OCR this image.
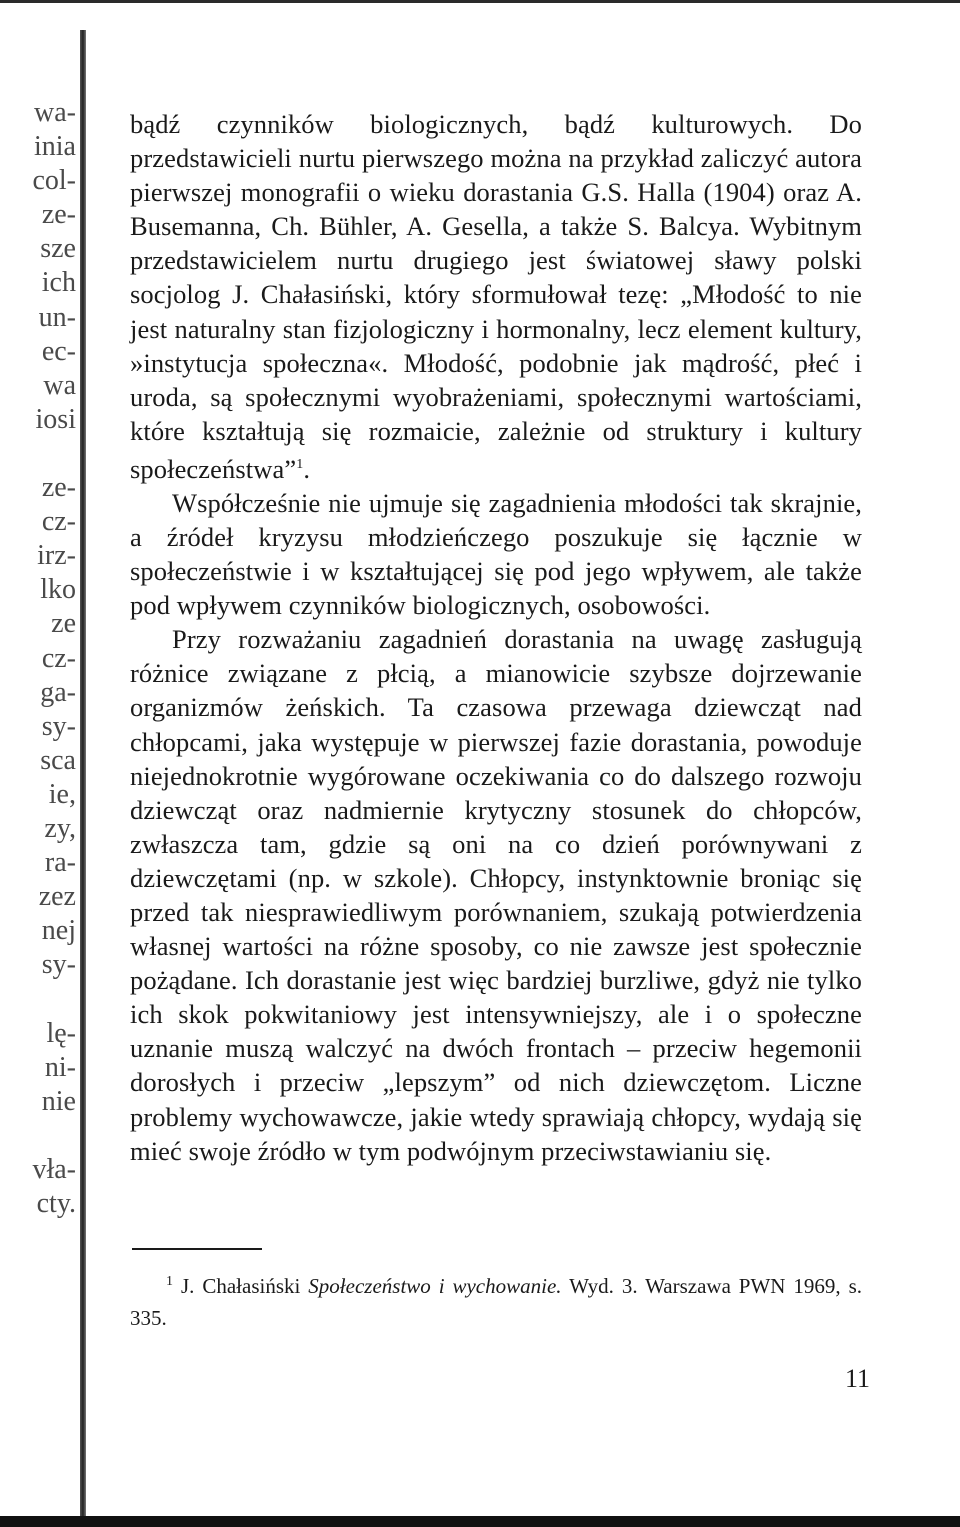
wa-
inia
col-
ze-
sze
ich
un-
ec-
wa
iosi
ze-
cz-
irz-
lko
ze
cz-
ga-
sy-
sca
ie,
zy,
ra-
zez
nej
sy-
lę-
ni-
nie
vła-
cty.

bądź czynników biologicznych, bądź kulturowych. Do przedstawicieli nurtu pierwszego można na przykład zaliczyć autora pierwszej monografii o wieku dorastania G.S. Halla (1904) oraz A. Busemanna, Ch. Bühler, A. Gesella, a także S. Balcya. Wybitnym przedstawicielem nurtu drugiego jest światowej sławy polski socjolog J. Chałasiński, który sformułował tezę: „Młodość to nie jest naturalny stan fizjologiczny i hormonalny, lecz element kultury, »instytucja społeczna«. Młodość, podobnie jak mądrość, płeć i uroda, są społecznymi wyobrażeniami, społecznymi wartościami, które kształtują się rozmaicie, zależnie od struktury i kultury społeczeństwa”$^1$.

Współcześnie nie ujmuje się zagadnienia młodości tak skrajnie, a źródeł kryzysu młodzieńczego poszukuje się łącznie w społeczeństwie i w kształtującej się pod jego wpływem, ale także pod wpływem czynników biologicznych, osobowości.

Przy rozważaniu zagadnień dorastania na uwagę zasługują różnice związane z płcią, a mianowicie szybsze dojrzewanie organizmów żeńskich. Ta czasowa przewaga dziewcząt nad chłopcami, jaka występuje w pierwszej fazie dorastania, powoduje niejednokrotnie wygórowane oczekiwania co do dalszego rozwoju dziewcząt oraz nadmiernie krytyczny stosunek do chłopców, zwłaszcza tam, gdzie są oni na co dzień porównywani z dziewczętami (np. w szkole). Chłopcy, instynktownie broniąc się przed tak niesprawiedliwym porównaniem, szukają potwierdzenia własnej wartości na różne sposoby, co nie zawsze jest społecznie pożądane. Ich dorastanie jest więc bardziej burzliwe, gdyż nie tylko ich skok pokwitaniowy jest intensywniejszy, ale i o społeczne uznanie muszą walczyć na dwóch frontach – przeciw hegemonii dorosłych i przeciw „lepszym” od nich dziewczętom. Liczne problemy wychowawcze, jakie wtedy sprawiają chłopcy, wydają się mieć swoje źródło w tym podwójnym przeciwstawianiu się.

$^1$ J. Chałasiński Społeczeństwo i wychowanie. Wyd. 3. Warszawa PWN 1969, s. 335.
11
